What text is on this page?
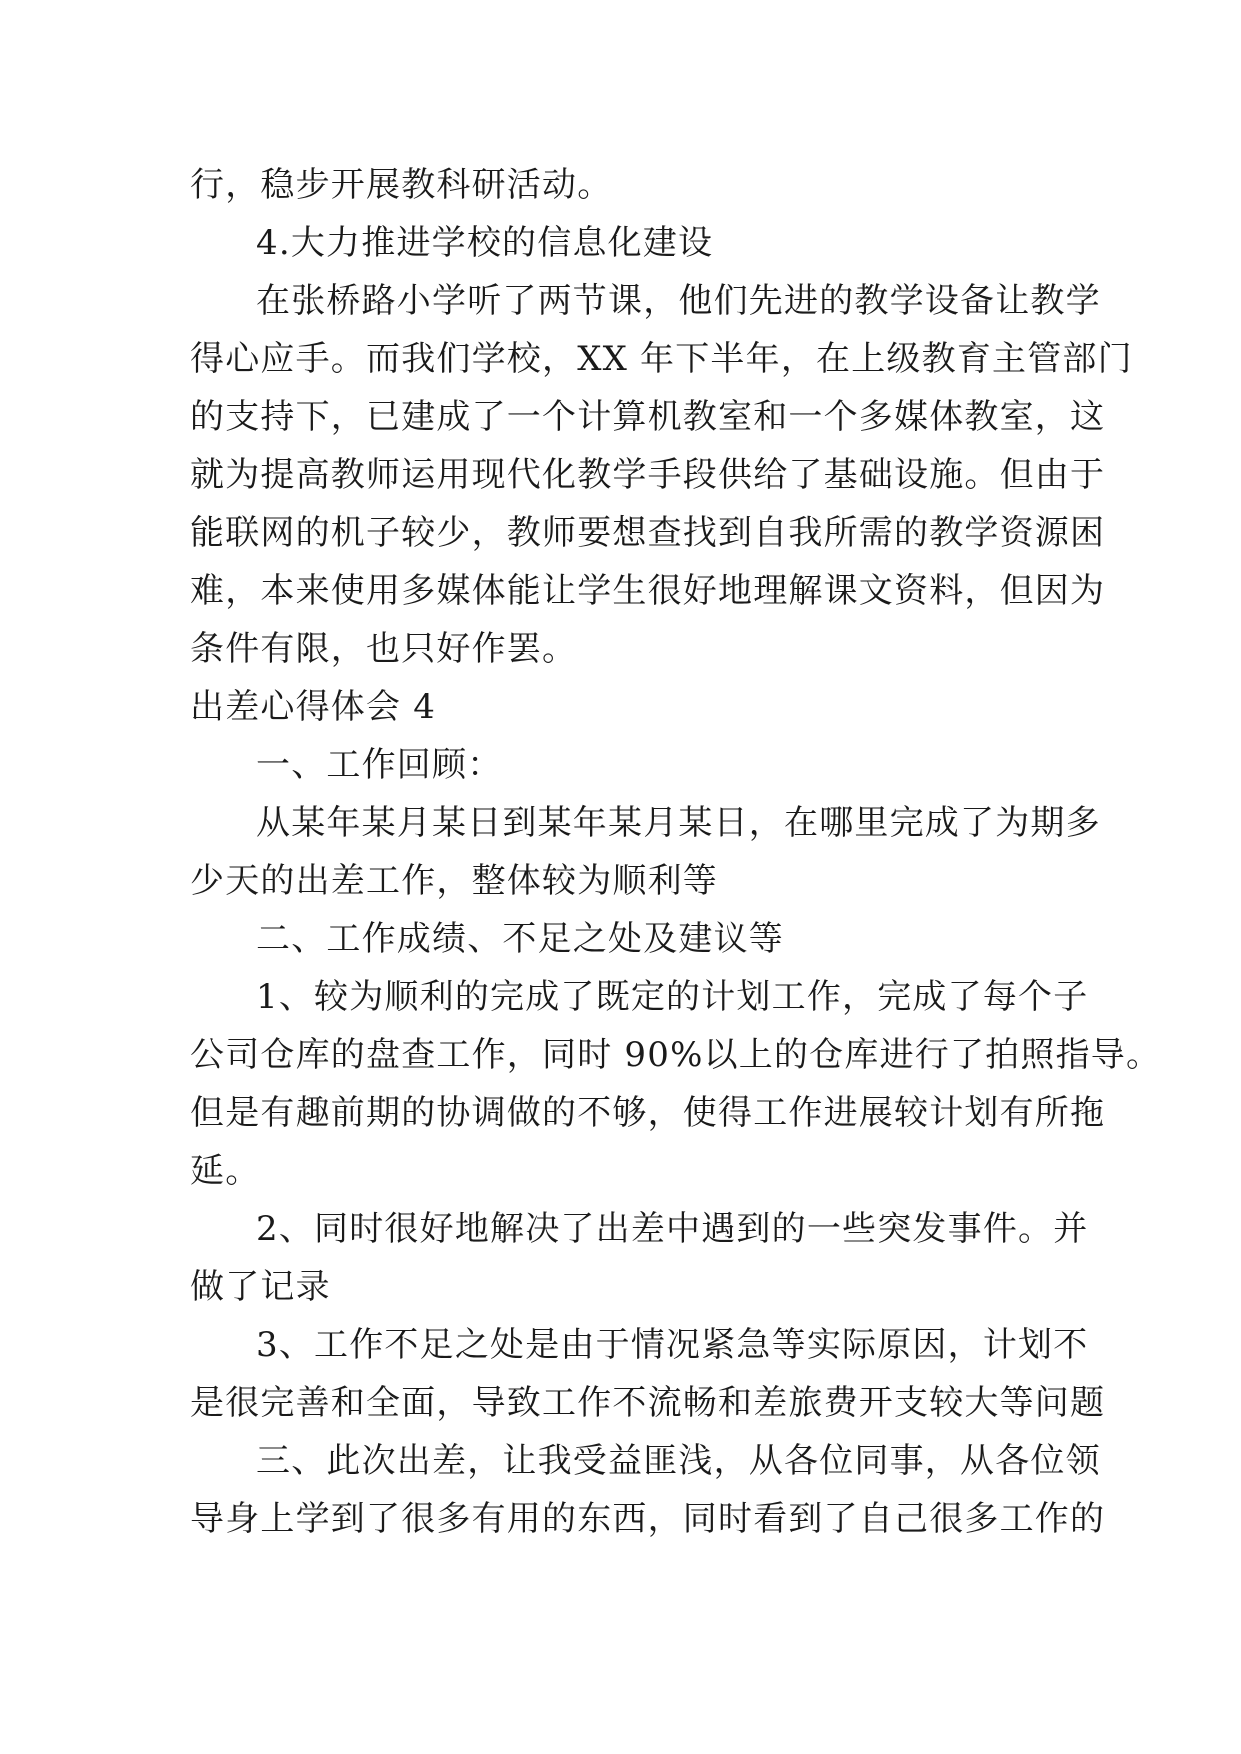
行，稳步开展教科研活动。
4.大力推进学校的信息化建设
在张桥路小学听了两节课，他们先进的教学设备让教学
得心应手。而我们学校，XX 年下半年，在上级教育主管部门
的支持下，已建成了一个计算机教室和一个多媒体教室，这
就为提高教师运用现代化教学手段供给了基础设施。但由于
能联网的机子较少，教师要想查找到自我所需的教学资源困
难，本来使用多媒体能让学生很好地理解课文资料，但因为
条件有限，也只好作罢。
出差心得体会 4
一、工作回顾：
从某年某月某日到某年某月某日，在哪里完成了为期多
少天的出差工作，整体较为顺利等
二、工作成绩、不足之处及建议等
1、较为顺利的完成了既定的计划工作，完成了每个子
公司仓库的盘查工作，同时 90%以上的仓库进行了拍照指导。
但是有趣前期的协调做的不够，使得工作进展较计划有所拖
延。
2、同时很好地解决了出差中遇到的一些突发事件。并
做了记录
3、工作不足之处是由于情况紧急等实际原因，计划不
是很完善和全面，导致工作不流畅和差旅费开支较大等问题
三、此次出差，让我受益匪浅，从各位同事，从各位领
导身上学到了很多有用的东西，同时看到了自己很多工作的
